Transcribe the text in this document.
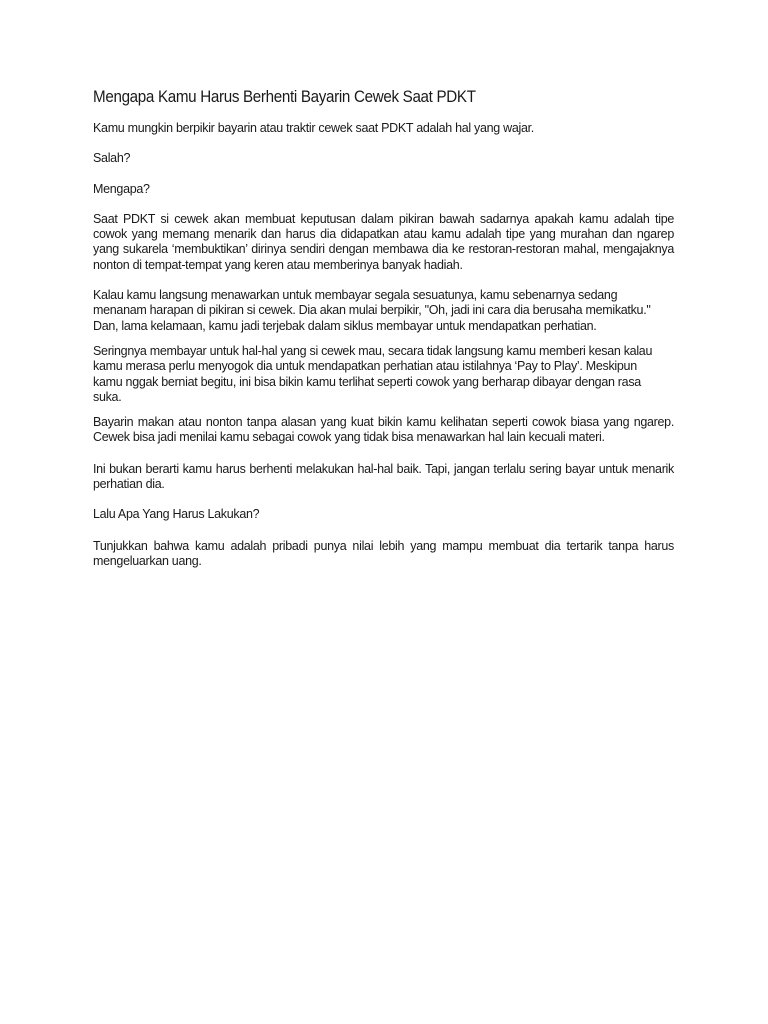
Mengapa Kamu Harus Berhenti Bayarin Cewek Saat PDKT

Kamu mungkin berpikir bayarin atau traktir cewek saat PDKT adalah hal yang wajar.

Salah?

Mengapa?

Saat PDKT si cewek akan membuat keputusan dalam pikiran bawah sadarnya apakah kamu adalah tipe cowok yang memang menarik dan harus dia didapatkan atau kamu adalah tipe yang murahan dan ngarep yang sukarela ‘membuktikan’ dirinya sendiri dengan membawa dia ke restoran-restoran mahal, mengajaknya nonton di tempat-tempat yang keren atau memberinya banyak hadiah.

Kalau kamu langsung menawarkan untuk membayar segala sesuatunya, kamu sebenarnya sedang menanam harapan di pikiran si cewek. Dia akan mulai berpikir, "Oh, jadi ini cara dia berusaha memikatku." Dan, lama kelamaan, kamu jadi terjebak dalam siklus membayar untuk mendapatkan perhatian.

Seringnya membayar untuk hal-hal yang si cewek mau, secara tidak langsung kamu memberi kesan kalau kamu merasa perlu menyogok dia untuk mendapatkan perhatian atau istilahnya ‘Pay to Play’. Meskipun kamu nggak berniat begitu, ini bisa bikin kamu terlihat seperti cowok yang berharap dibayar dengan rasa suka.

Bayarin makan atau nonton tanpa alasan yang kuat bikin kamu kelihatan seperti cowok biasa yang ngarep. Cewek bisa jadi menilai kamu sebagai cowok yang tidak bisa menawarkan hal lain kecuali materi.

Ini bukan berarti kamu harus berhenti melakukan hal-hal baik. Tapi, jangan terlalu sering bayar untuk menarik perhatian dia.

Lalu Apa Yang Harus Lakukan?

Tunjukkan bahwa kamu adalah pribadi punya nilai lebih yang mampu membuat dia tertarik tanpa harus mengeluarkan uang.
